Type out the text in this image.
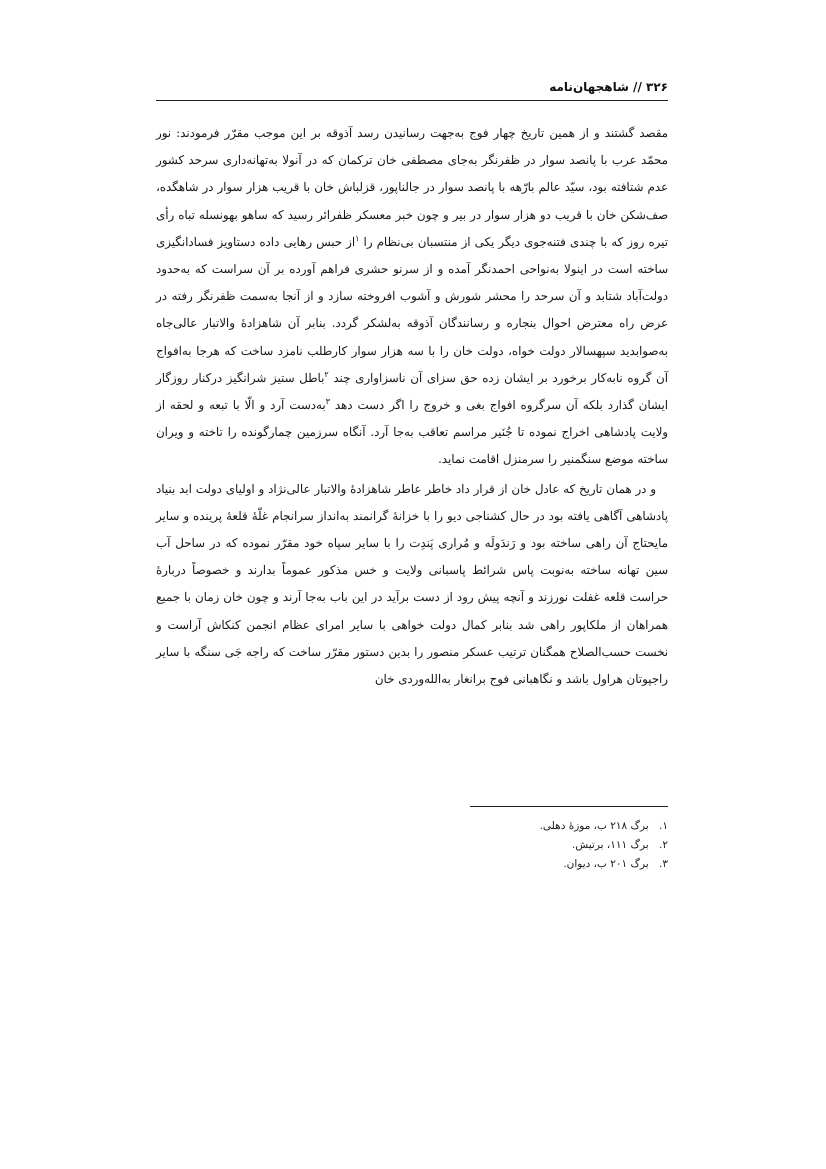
۳۲۶ // شاهجهان‌نامه

مقصد گشتند و از همین تاریخ چهار فوج به‌جهت رسانیدن رسد آذوقه بر این موجب مقرّر فرمودند: نور محمّد عرب با پانصد سوار در ظفرنگر به‌جای مصطفی خان ترکمان که در آنولا به‌تهانه‌داری سرحد کشور عدم شتافته بود، سیّد عالم بارّهه با پانصد سوار در جالناپور، قزلباش خان با قریب هزار سوار در شاهگده، صف‌شکن خان با قریب دو هزار سوار در بیر و چون خبر معسکر ظفرائر رسید که ساهو بهونسله تباه رأی تیره روز که با چندی فتنه‌جوی دیگر یکی از منتسبان بی‌نظام را $^۱$از حبس رهایی داده دستاویز فسادانگیزی ساخته است در اینولا به‌نواحی احمدنگر آمده و از سرنو حشری فراهم آورده بر آن سراست که به‌حدود دولت‌آباد شتابد و آن سرحد را محشر شورش و آشوب افروخته سازد و از آنجا به‌سمت ظفرنگر رفته در عرض راه معترض احوال بنجاره و رسانندگان آذوقه به‌لشکر گردد. بنابر آن شاهزادهٔ والاتبار عالی‌جاه به‌صوابدید سپهسالار دولت خواه، دولت خان را با سه هزار سوار کارطلب نامزد ساخت که هرجا به‌افواج آن گروه نابه‌کار برخورد بر ایشان زده حق سزای آن ناسزاواری چند $^۲$باطل ستیز شرانگیز درکنار روزگار ایشان گذارد بلکه آن سرگروه افواج بغی و خروج را اگر دست دهد $^۳$به‌دست آرد و الّا با تبعه و لحقه از ولایت پادشاهی اخراج نموده تا جُنَیر مراسم تعاقب به‌جا آرد. آنگاه سرزمین چمارگونده را تاخته و ویران ساخته موضع سنگمنیر را سرمنزل اقامت نماید.

و در همان تاریخ که عادل خان از قرار داد خاطر عاطر شاهزادهٔ والاتبار عالی‌نژاد و اولیای دولت ابد بنیاد پادشاهی آگاهی یافته بود در حال کشناجی دیو را با خزانهٔ گرانمند به‌انداز سرانجام غلّهٔ قلعهٔ پرینده و سایر مایحتاج آن راهی ساخته بود و رَندَولَه و مُراری پَندِت را با سایر سپاه خود مقرّر نموده که در ساحل آب سین تهانه ساخته به‌نوبت پاس شرائط پاسبانی ولایت و خس مذکور عموماً بدارند و خصوصاً دربارهٔ حراست قلعه غفلت نورزند و آنچه پیش رود از دست برآید در این باب به‌جا آرند و چون خان زمان با جمیع همراهان از ملکاپور راهی شد بنابر کمال دولت خواهی با سایر امرای عظام انجمن کنکاش آراست و نخست حسب‌الصلاح همگنان ترتیب عسکر منصور را بدین دستور مقرّر ساخت که راجه جَی سنگه با سایر راجپوتان هراول باشد و نگاهبانی فوج برانغار به‌الله‌وردی خان

۱. برگ ۲۱۸ ب، موزهٔ دهلی.
۲. برگ ۱۱۱، برتیش.
۳. برگ ۲۰۱ ب، دیوان.
